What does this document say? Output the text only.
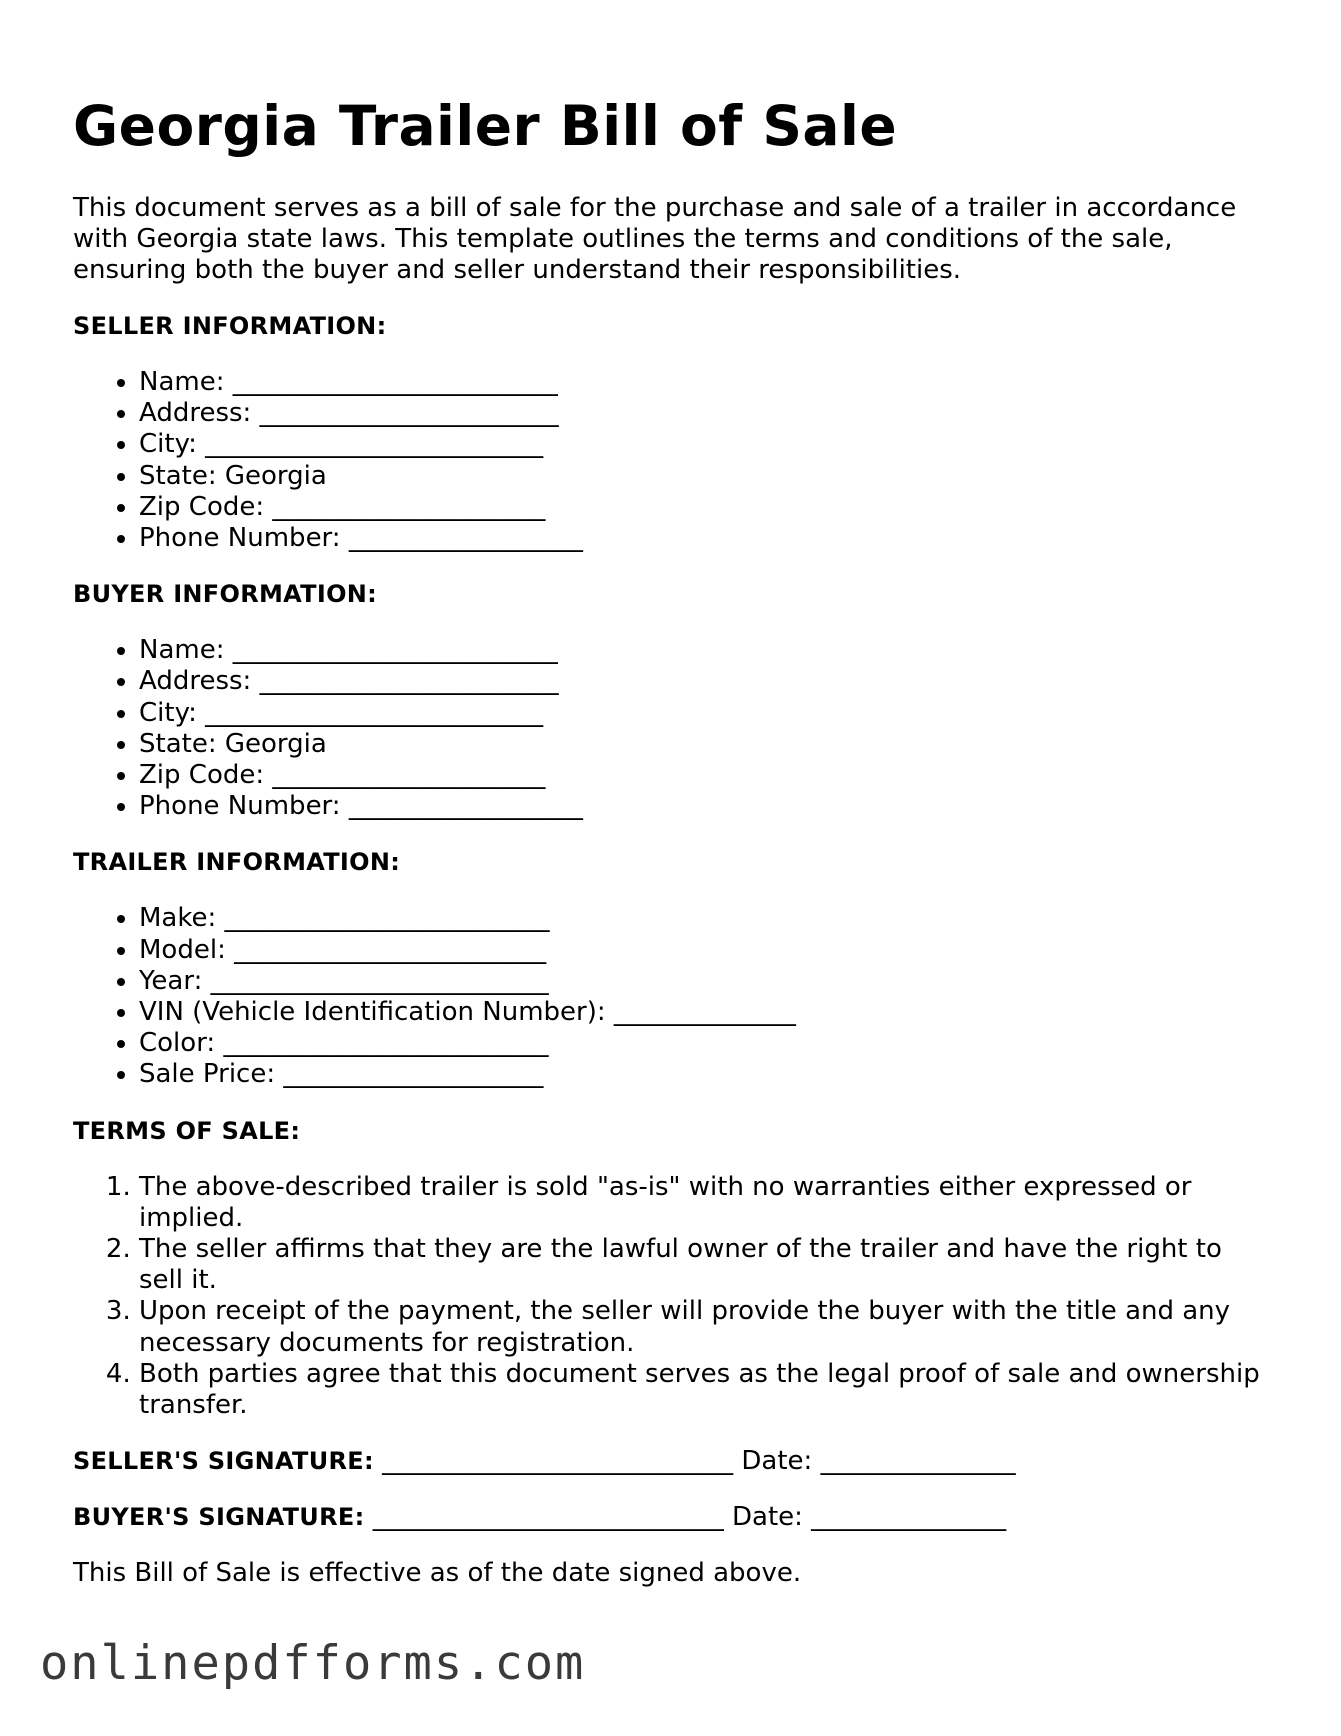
Georgia Trailer Bill of Sale

This document serves as a bill of sale for the purchase and sale of a trailer in accordance with Georgia state laws. This template outlines the terms and conditions of the sale, ensuring both the buyer and seller understand their responsibilities.

SELLER INFORMATION:
• Name: _________________________
• Address: _______________________
• City: __________________________
• State: Georgia
• Zip Code: _____________________
• Phone Number: __________________
BUYER INFORMATION:
• Name: _________________________
• Address: _______________________
• City: __________________________
• State: Georgia
• Zip Code: _____________________
• Phone Number: __________________
TRAILER INFORMATION:
• Make: _________________________
• Model: ________________________
• Year: __________________________
• VIN (Vehicle Identification Number): ______________
• Color: _________________________
• Sale Price: ____________________
TERMS OF SALE:
1. The above-described trailer is sold "as-is" with no warranties either expressed or implied.
2. The seller affirms that they are the lawful owner of the trailer and have the right to sell it.
3. Upon receipt of the payment, the seller will provide the buyer with the title and any necessary documents for registration.
4. Both parties agree that this document serves as the legal proof of sale and ownership transfer.
SELLER'S SIGNATURE: ___________________________ Date: _______________
BUYER'S SIGNATURE: ___________________________ Date: _______________

This Bill of Sale is effective as of the date signed above.

onlinepdfforms.com
